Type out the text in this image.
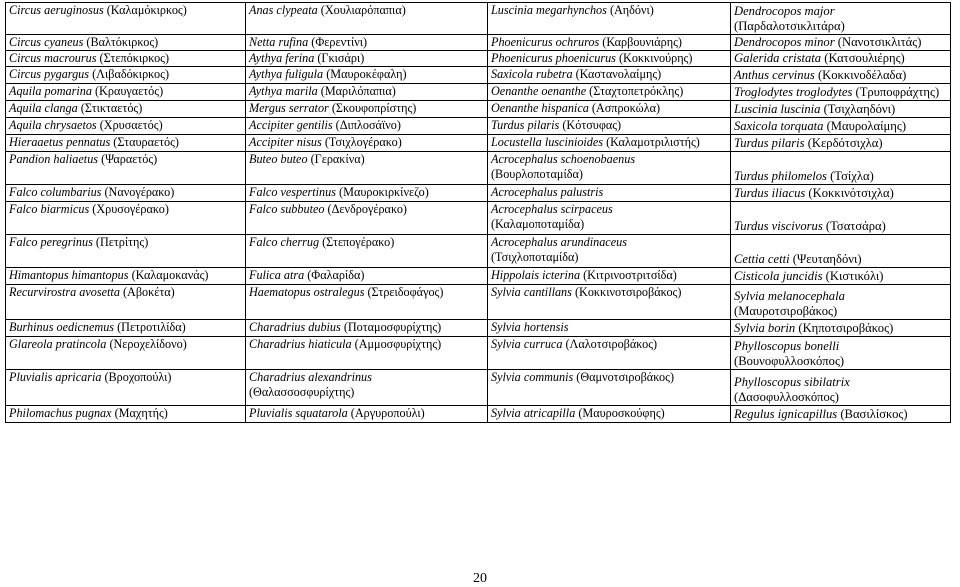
Circus aeruginosus (Καλαμόκιρκος)	Anas clypeata (Χουλιαρόπαπια)	Luscinia megarhynchos (Αηδόνι)	Dendrocopos major
(Παρδαλοτσικλιτάρα)
Circus cyaneus (Βαλτόκιρκος)	Netta rufina (Φερεντίνι)	Phoenicurus ochruros (Καρβουνιάρης)	Dendrocopos minor (Νανοτσικλιτάς)
Circus macrourus (Στεπόκιρκος)	Aythya ferina (Γκισάρι)	Phoenicurus phoenicurus (Κοκκινούρης)	Galerida cristata (Κατσουλιέρης)
Circus pygargus (Λιβαδόκιρκος)	Aythya fuligula (Μαυροκέφαλη)	Saxicola rubetra (Καστανολαίμης)	Anthus cervinus (Κοκκινοδέλαδα)
Aquila pomarina (Κραυγαετός)	Aythya marila (Μαριλόπαπια)	Oenanthe oenanthe (Σταχτοπετρόκλης)	Troglodytes troglodytes (Τρυποφράχτης)
Aquila clanga (Στικταετός)	Mergus serrator (Σκουφοπρίστης)	Oenanthe hispanica (Ασπροκώλα)	Luscinia luscinia (Τσιχλαηδόνι)
Aquila chrysaetos (Χρυσαετός)	Accipiter gentilis (Διπλοσάϊνο)	Turdus pilaris (Κότσυφας)	Saxicola torquata (Μαυρολαίμης)
Hieraaetus pennatus (Σταυραετός)	Accipiter nisus (Τσιχλογέρακο)	Locustella luscinioides (Καλαμοτριλιστής)	Turdus pilaris (Κερδότσιχλα)
Pandion haliaetus (Ψαραετός)	Buteo buteo (Γερακίνα)	Acrocephalus schoenobaenus
(Βουρλοποταμίδα)	Turdus philomelos (Τσίχλα)
Falco columbarius (Νανογέρακο)	Falco vespertinus (Μαυροκιρκίνεζο)	Acrocephalus palustris	Turdus iliacus (Κοκκινότσιχλα)
Falco biarmicus (Χρυσογέρακο)	Falco subbuteo (Δενδρογέρακο)	Acrocephalus scirpaceus
(Καλαμοποταμίδα)	Turdus viscivorus (Τσατσάρα)
Falco peregrinus (Πετρίτης)	Falco cherrug (Στεπογέρακο)	Acrocephalus arundinaceus
(Τσιχλοποταμίδα)	Cettia cetti (Ψευταηδόνι)
Himantopus himantopus (Καλαμοκανάς)	Fulica atra (Φαλαρίδα)	Hippolais icterina (Κιτρινοστριτσίδα)	Cisticola juncidis (Κιστικόλι)
Recurvirostra avosetta (Αβοκέτα)	Haematopus ostralegus (Στρειδοφάγος)	Sylvia cantillans (Κοκκινοτσιροβάκος)	Sylvia melanocephala
(Μαυροτσιροβάκος)
Burhinus oedicnemus (Πετροτιλίδα)	Charadrius dubius (Ποταμοσφυρίχτης)	Sylvia hortensis	Sylvia borin (Κηποτσιροβάκος)
Glareola pratincola (Νεροχελίδονο)	Charadrius hiaticula (Αμμοσφυρίχτης)	Sylvia curruca (Λαλοτσιροβάκος)	Phylloscopus bonelli
(Βουνοφυλλοσκόπος)
Pluvialis apricaria (Βροχοπούλι)	Charadrius alexandrinus
(Θαλασσοσφυρίχτης)	Sylvia communis (Θαμνοτσιροβάκος)	Phylloscopus sibilatrix
(Δασοφυλλοσκόπος)
Philomachus pugnax (Μαχητής)	Pluvialis squatarola (Αργυροπούλι)	Sylvia atricapilla (Μαυροσκούφης)	Regulus ignicapillus (Βασιλίσκος)
20
